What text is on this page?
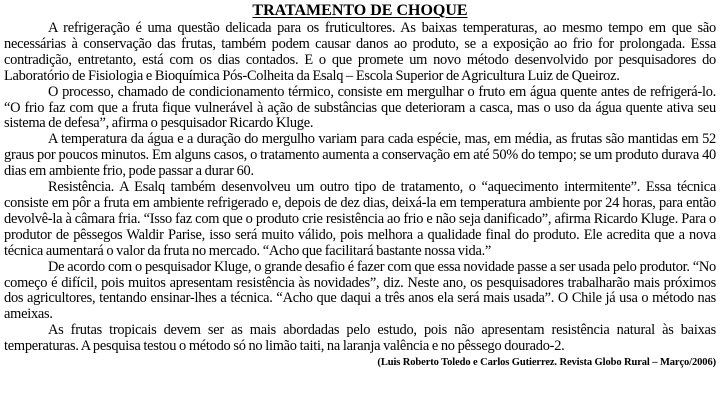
TRATAMENTO DE CHOQUE

A refrigeração é uma questão delicada para os fruticultores. As baixas temperaturas, ao mesmo tempo em que são necessárias à conservação das frutas, também podem causar danos ao produto, se a exposição ao frio for prolongada. Essa contradição, entretanto, está com os dias contados. E o que promete um novo método desenvolvido por pesquisadores do Laboratório de Fisiologia e Bioquímica Pós-Colheita da Esalq – Escola Superior de Agricultura Luiz de Queiroz.

O processo, chamado de condicionamento térmico, consiste em mergulhar o fruto em água quente antes de refrigerá-lo. “O frio faz com que a fruta fique vulnerável à ação de substâncias que deterioram a casca, mas o uso da água quente ativa seu sistema de defesa”, afirma o pesquisador Ricardo Kluge.

A temperatura da água e a duração do mergulho variam para cada espécie, mas, em média, as frutas são mantidas em 52 graus por poucos minutos. Em alguns casos, o tratamento aumenta a conservação em até 50% do tempo; se um produto durava 40 dias em ambiente frio, pode passar a durar 60.

Resistência. A Esalq também desenvolveu um outro tipo de tratamento, o “aquecimento intermitente”. Essa técnica consiste em pôr a fruta em ambiente refrigerado e, depois de dez dias, deixá-la em temperatura ambiente por 24 horas, para então devolvê-la à câmara fria. “Isso faz com que o produto crie resistência ao frio e não seja danificado”, afirma Ricardo Kluge. Para o produtor de pêssegos Waldir Parise, isso será muito válido, pois melhora a qualidade final do produto. Ele acredita que a nova técnica aumentará o valor da fruta no mercado. “Acho que facilitará bastante nossa vida.”

De acordo com o pesquisador Kluge, o grande desafio é fazer com que essa novidade passe a ser usada pelo produtor. “No começo é difícil, pois muitos apresentam resistência às novidades”, diz. Neste ano, os pesquisadores trabalharão mais próximos dos agricultores, tentando ensinar-lhes a técnica. “Acho que daqui a três anos ela será mais usada”. O Chile já usa o método nas ameixas.

As frutas tropicais devem ser as mais abordadas pelo estudo, pois não apresentam resistência natural às baixas temperaturas. A pesquisa testou o método só no limão taiti, na laranja valência e no pêssego dourado-2.

(Luis Roberto Toledo e Carlos Gutierrez. Revista Globo Rural – Março/2006)
